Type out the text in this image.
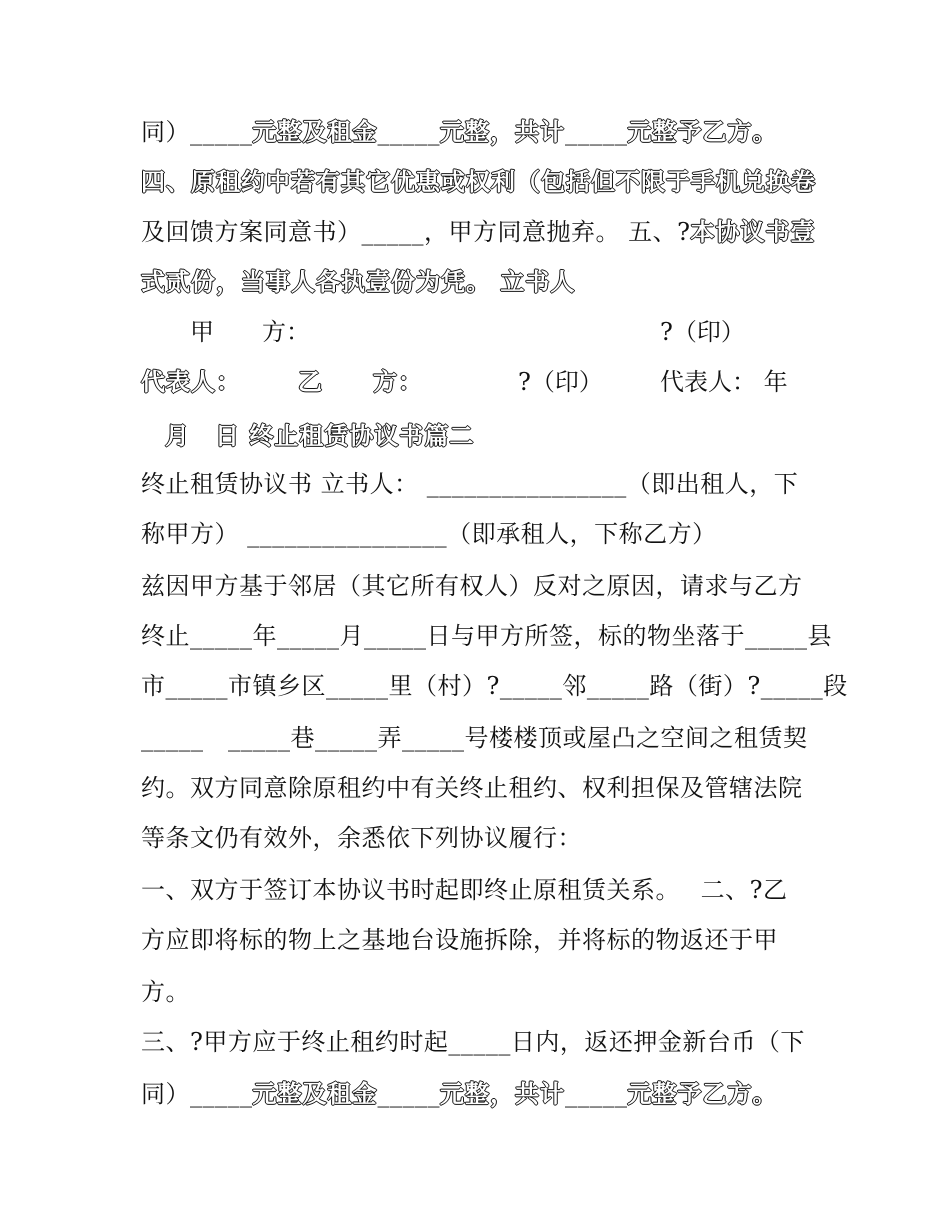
同）_____元整及租金_____元整，共计_____元整予乙方。
四、原租约中若有其它优惠或权利（包括但不限于手机兑换卷
及回馈方案同意书）_____，甲方同意抛弃。 五、?本协议书壹
式贰份，当事人各执壹份为凭。 立书人
甲　　方：	?（印）
代表人： 乙　　方：	?（印） 代表人： 年
月　日 终止租赁协议书篇二
终止租赁协议书 立书人： ________________（即出租人，下
称甲方） ________________（即承租人，下称乙方）
兹因甲方基于邻居（其它所有权人）反对之原因，请求与乙方
终止_____年_____月_____日与甲方所签，标的物坐落于_____县
市_____市镇乡区_____里（村）?_____邻_____路（街）?_____段
_____　_____巷_____弄_____号楼楼顶或屋凸之空间之租赁契
约。双方同意除原租约中有关终止租约、权利担保及管辖法院
等条文仍有效外，余悉依下列协议履行：
一、双方于签订本协议书时起即终止原租赁关系。　 二、?乙
方应即将标的物上之基地台设施拆除，并将标的物返还于甲
方。
三、?甲方应于终止租约时起_____日内，返还押金新台币（下
同）_____元整及租金_____元整，共计_____元整予乙方。
